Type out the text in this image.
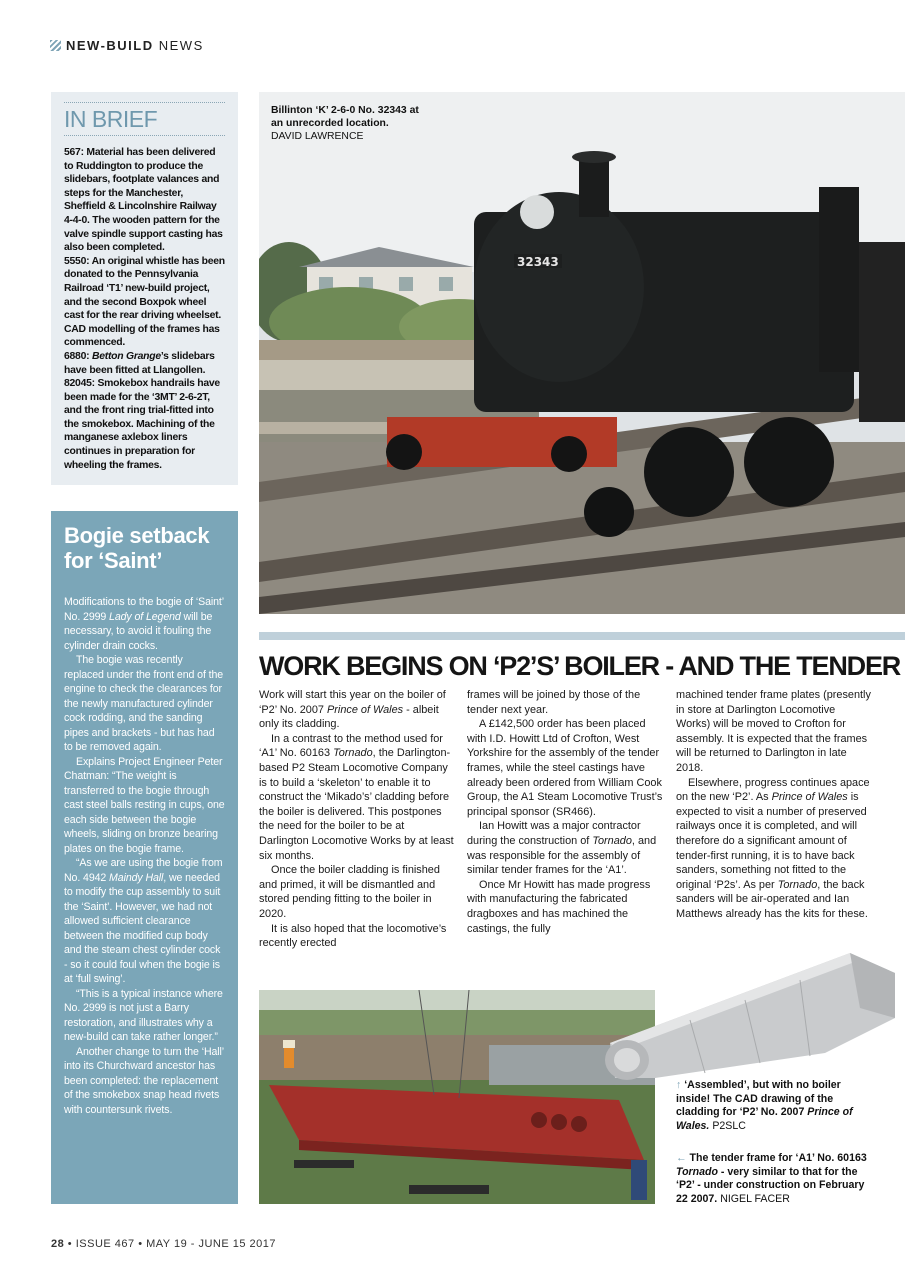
NEW-BUILD NEWS
IN BRIEF

567: Material has been delivered to Ruddington to produce the slidebars, footplate valances and steps for the Manchester, Sheffield & Lincolnshire Railway 4-4-0. The wooden pattern for the valve spindle support casting has also been completed.

5550: An original whistle has been donated to the Pennsylvania Railroad ‘T1’ new-build project, and the second Boxpok wheel cast for the rear driving wheelset. CAD modelling of the frames has commenced.

6880: Betton Grange’s slidebars have been fitted at Llangollen.

82045: Smokebox handrails have been made for the ‘3MT’ 2-6-2T, and the front ring trial-fitted into the smokebox. Machining of the manganese axlebox liners continues in preparation for wheeling the frames.

Bogie setback for ‘Saint’

Modifications to the bogie of ‘Saint’ No. 2999 Lady of Legend will be necessary, to avoid it fouling the cylinder drain cocks.

The bogie was recently replaced under the front end of the engine to check the clearances for the newly manufactured cylinder cock rodding, and the sanding pipes and brackets - but has had to be removed again.

Explains Project Engineer Peter Chatman: “The weight is transferred to the bogie through cast steel balls resting in cups, one each side between the bogie wheels, sliding on bronze bearing plates on the bogie frame.

“As we are using the bogie from No. 4942 Maindy Hall, we needed to modify the cup assembly to suit the ‘Saint’. However, we had not allowed sufficient clearance between the modified cup body and the steam chest cylinder cock - so it could foul when the bogie is at ‘full swing’.

“This is a typical instance where No. 2999 is not just a Barry restoration, and illustrates why a new-build can take rather longer.”

Another change to turn the ‘Hall’ into its Churchward ancestor has been completed: the replacement of the smokebox snap head rivets with countersunk rivets.

32343
Billinton ‘K’ 2-6-0 No. 32343 at an unrecorded location. DAVID LAWRENCE
WORK BEGINS ON ‘P2’S’ BOILER - AND THE TENDER

Work will start this year on the boiler of ‘P2’ No. 2007 Prince of Wales - albeit only its cladding.

In a contrast to the method used for ‘A1’ No. 60163 Tornado, the Darlington-based P2 Steam Locomotive Company is to build a ‘skeleton’ to enable it to construct the ‘Mikado’s’ cladding before the boiler is delivered. This postpones the need for the boiler to be at Darlington Locomotive Works by at least six months.

Once the boiler cladding is finished and primed, it will be dismantled and stored pending fitting to the boiler in 2020.

It is also hoped that the locomotive’s recently erected

frames will be joined by those of the tender next year.

A £142,500 order has been placed with I.D. Howitt Ltd of Crofton, West Yorkshire for the assembly of the tender frames, while the steel castings have already been ordered from William Cook Group, the A1 Steam Locomotive Trust’s principal sponsor (SR466).

Ian Howitt was a major contractor during the construction of Tornado, and was responsible for the assembly of similar tender frames for the ‘A1’.

Once Mr Howitt has made progress with manufacturing the fabricated dragboxes and has machined the castings, the fully

machined tender frame plates (presently in store at Darlington Locomotive Works) will be moved to Crofton for assembly. It is expected that the frames will be returned to Darlington in late 2018.

Elsewhere, progress continues apace on the new ‘P2’. As Prince of Wales is expected to visit a number of preserved railways once it is completed, and will therefore do a significant amount of tender-first running, it is to have back sanders, something not fitted to the original ‘P2s’. As per Tornado, the back sanders will be air-operated and Ian Matthews already has the kits for these.

↑ ‘Assembled’, but with no boiler inside! The CAD drawing of the cladding for ‘P2’ No. 2007 Prince of Wales. P2SLC
← The tender frame for ‘A1’ No. 60163 Tornado - very similar to that for the ‘P2’ - under construction on February 22 2007. NIGEL FACER
28 • ISSUE 467 • MAY 19 - JUNE 15 2017
